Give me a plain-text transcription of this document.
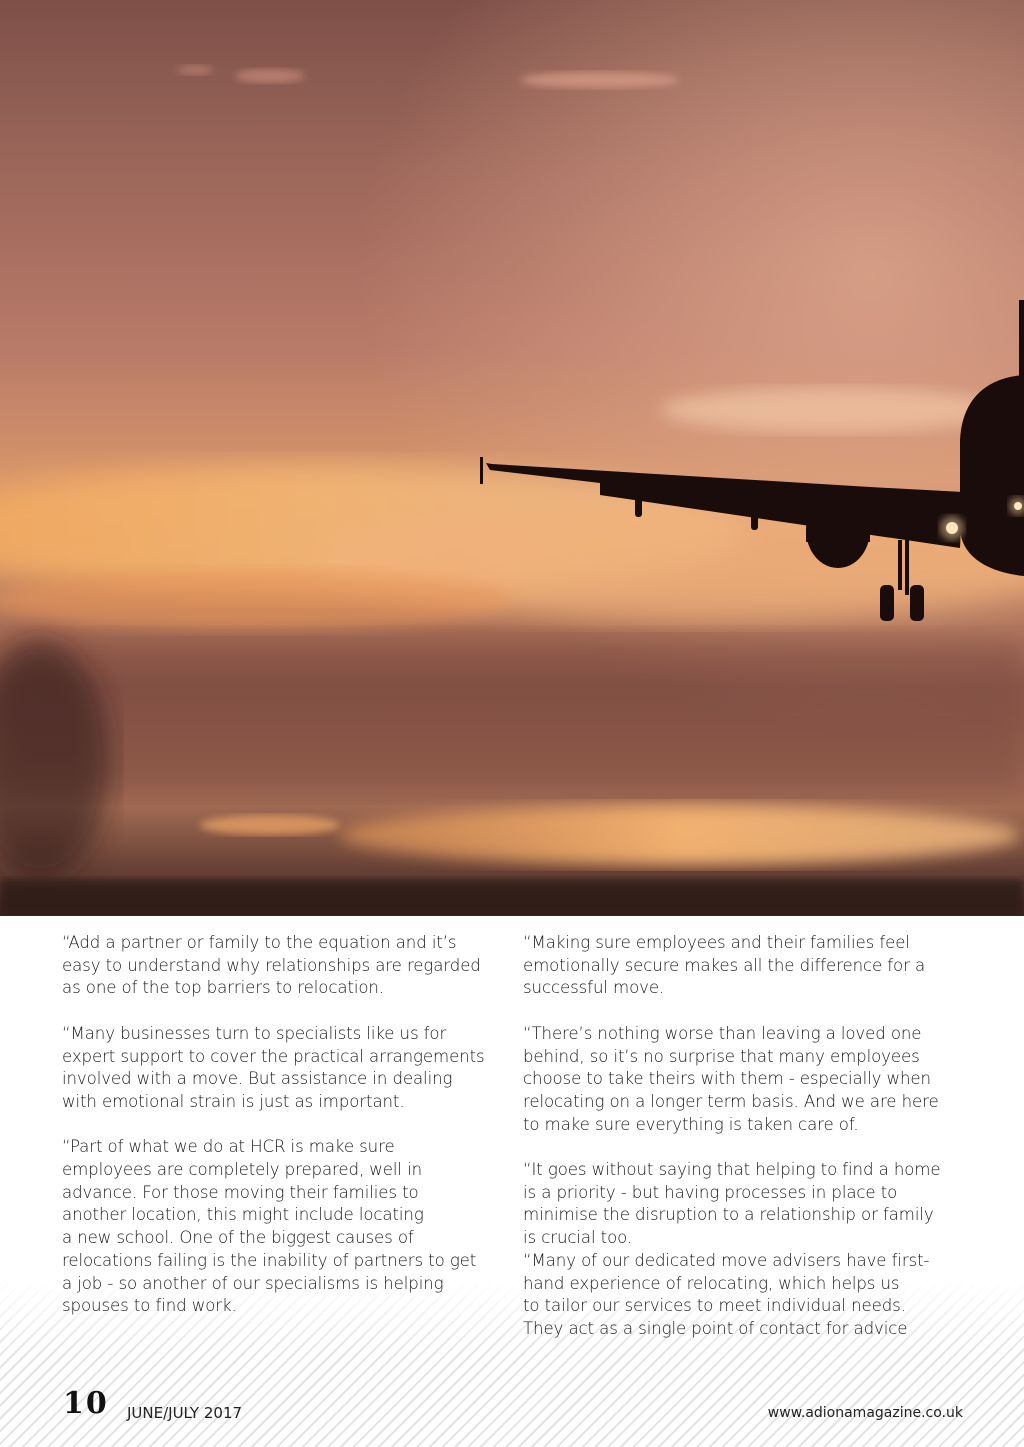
“Add a partner or family to the equation and it’s
easy to understand why relationships are regarded
as one of the top barriers to relocation.

“Many businesses turn to specialists like us for
expert support to cover the practical arrangements
involved with a move. But assistance in dealing
with emotional strain is just as important.

“Part of what we do at HCR is make sure
employees are completely prepared, well in
advance. For those moving their families to
another location, this might include locating
a new school. One of the biggest causes of
relocations failing is the inability of partners to get
a job - so another of our specialisms is helping
spouses to find work.

“Making sure employees and their families feel
emotionally secure makes all the difference for a
successful move.

“There’s nothing worse than leaving a loved one
behind, so it’s no surprise that many employees
choose to take theirs with them - especially when
relocating on a longer term basis. And we are here
to make sure everything is taken care of.

“It goes without saying that helping to find a home
is a priority - but having processes in place to
minimise the disruption to a relationship or family
is crucial too.

“Many of our dedicated move advisers have first-
hand experience of relocating, which helps us
to tailor our services to meet individual needs.
They act as a single point of contact for advice

10 JUNE/JULY 2017	www.adionamagazine.co.uk
